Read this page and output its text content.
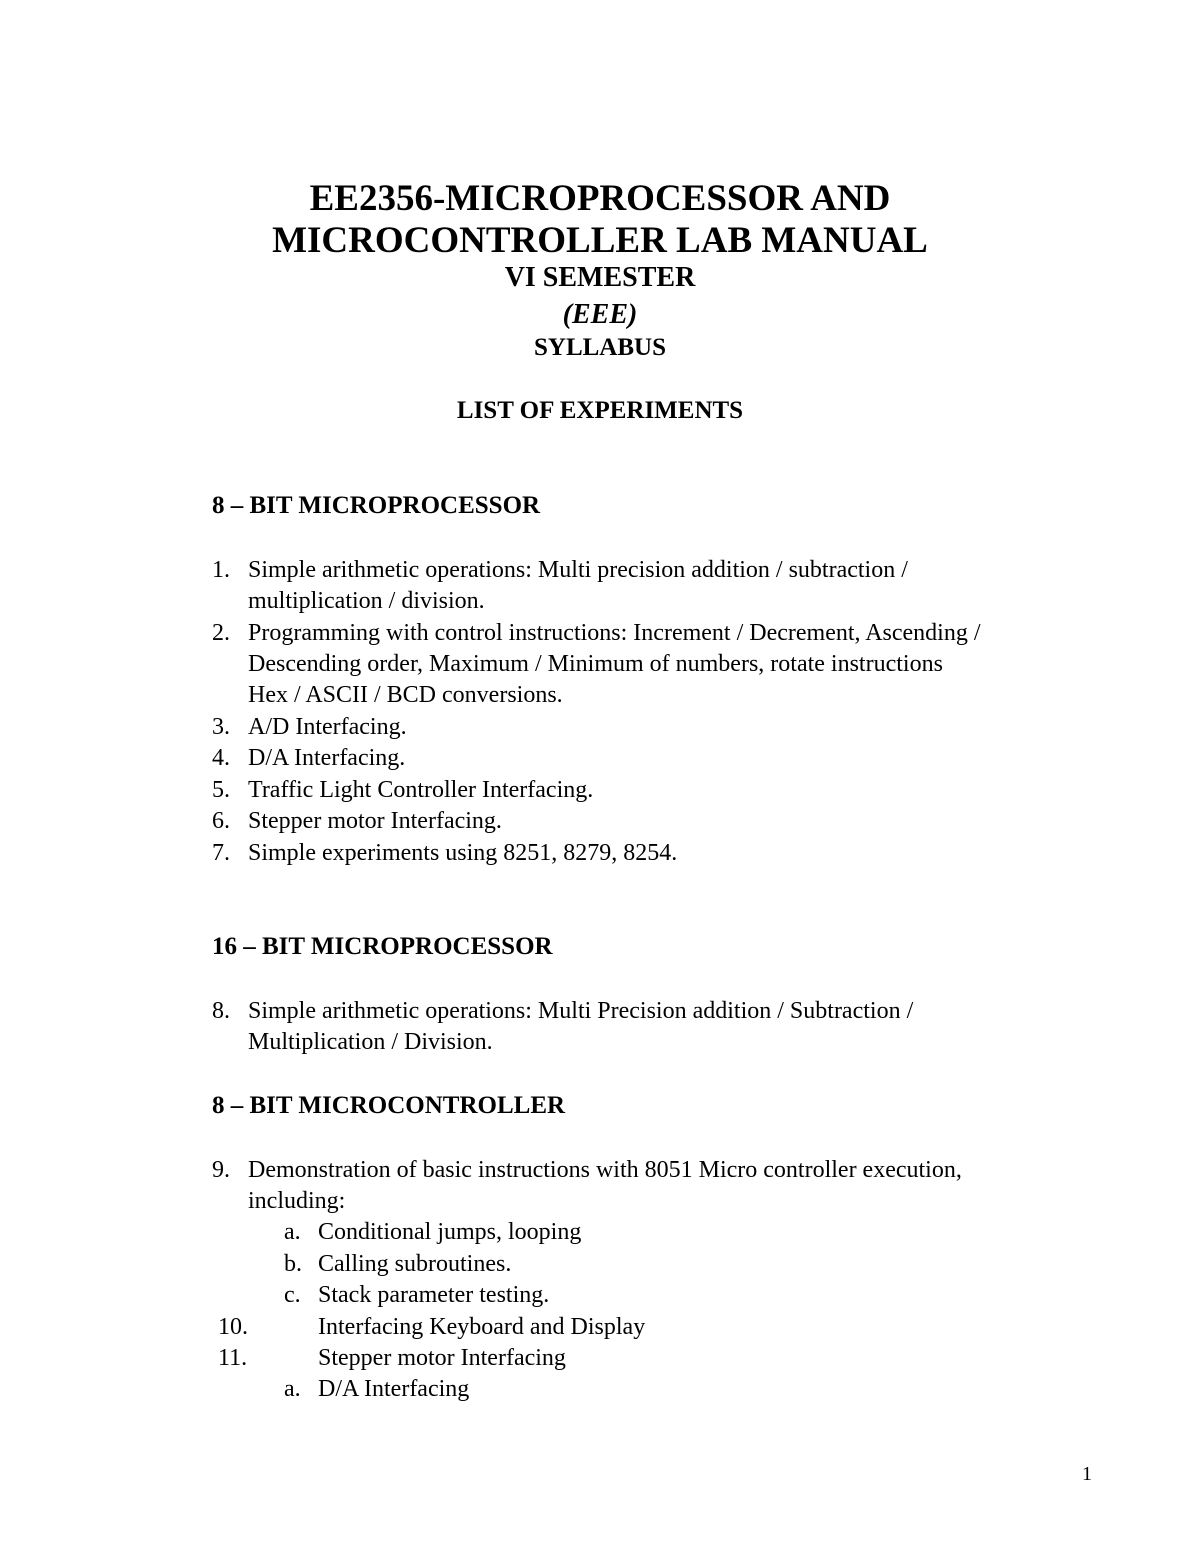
EE2356-MICROPROCESSOR AND
MICROCONTROLLER LAB MANUAL
VI SEMESTER
(EEE)
SYLLABUS
LIST OF EXPERIMENTS
8 – BIT MICROPROCESSOR
1. Simple arithmetic operations: Multi precision addition / subtraction /
multiplication / division.
2. Programming with control instructions: Increment / Decrement, Ascending /
Descending order, Maximum / Minimum of numbers, rotate instructions
Hex / ASCII / BCD conversions.
3. A/D Interfacing.
4. D/A Interfacing.
5. Traffic Light Controller Interfacing.
6. Stepper motor Interfacing.
7. Simple experiments using 8251, 8279, 8254.
16 – BIT MICROPROCESSOR
8. Simple arithmetic operations: Multi Precision addition / Subtraction /
Multiplication / Division.
8 – BIT MICROCONTROLLER
9. Demonstration of basic instructions with 8051 Micro controller execution,
including:
a. Conditional jumps, looping
b. Calling subroutines.
c. Stack parameter testing.
10.	Interfacing Keyboard and Display
11.	Stepper motor Interfacing
a. D/A Interfacing
1
